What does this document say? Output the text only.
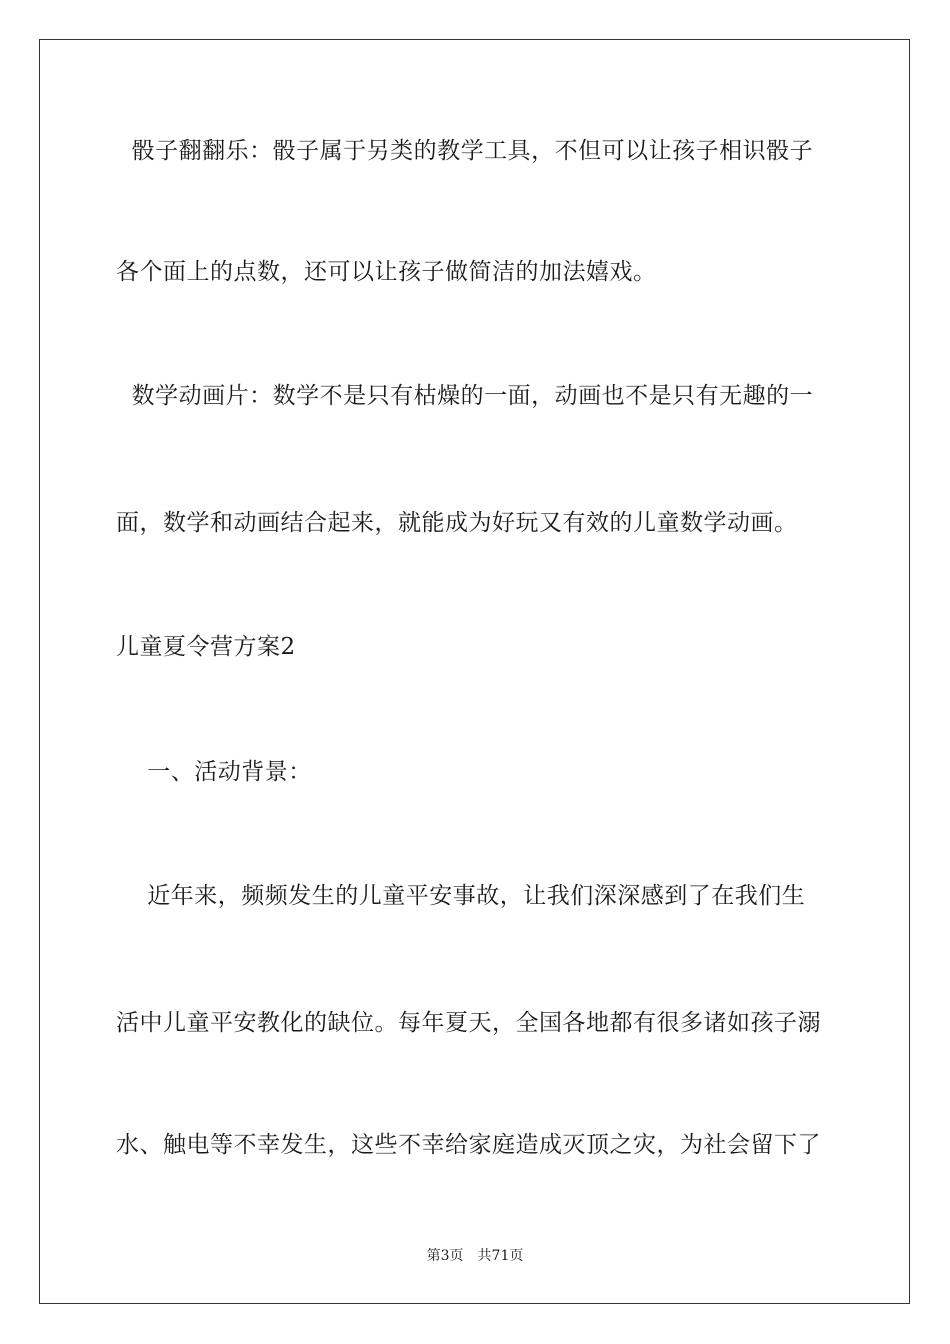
骰子翻翻乐：骰子属于另类的教学工具，不但可以让孩子相识骰子
各个面上的点数，还可以让孩子做简洁的加法嬉戏。
数学动画片：数学不是只有枯燥的一面，动画也不是只有无趣的一
面，数学和动画结合起来，就能成为好玩又有效的儿童数学动画。
儿童夏令营方案2
一、活动背景：
近年来，频频发生的儿童平安事故，让我们深深感到了在我们生
活中儿童平安教化的缺位。每年夏天，全国各地都有很多诸如孩子溺
水、触电等不幸发生，这些不幸给家庭造成灭顶之灾，为社会留下了
第3页 共71页
